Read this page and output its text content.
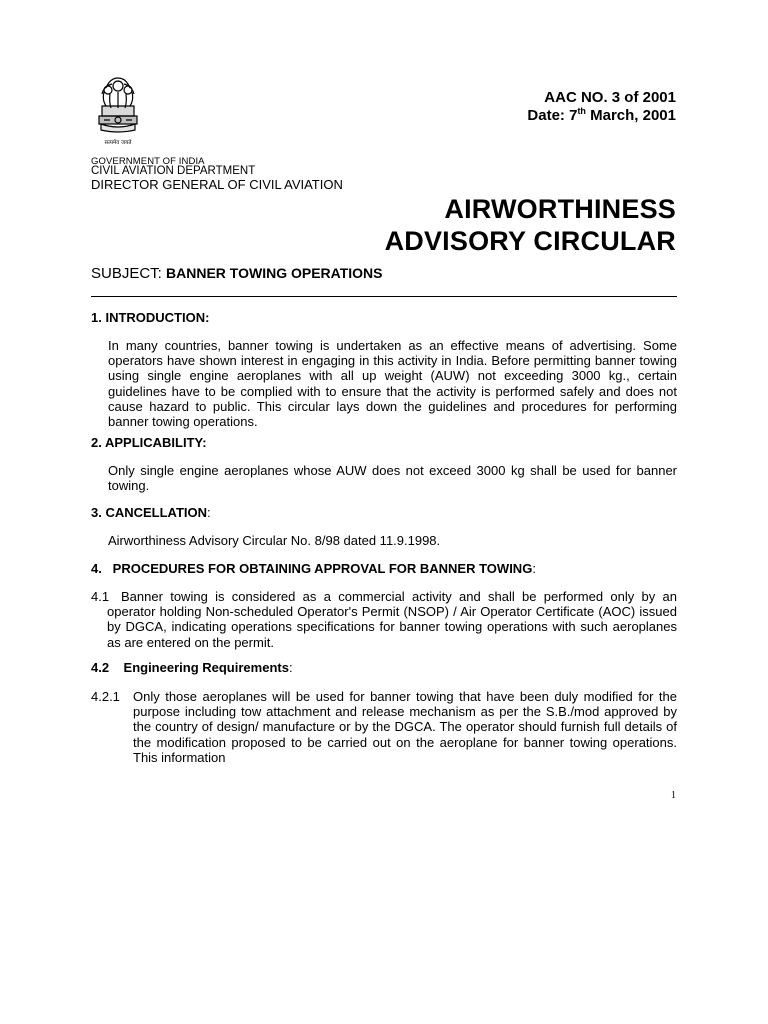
सत्यमेव जयते
AAC NO. 3 of 2001
Date: 7th March, 2001
GOVERNMENT OF INDIA
CIVIL AVIATION DEPARTMENT
DIRECTOR GENERAL OF CIVIL AVIATION
AIRWORTHINESS
ADVISORY CIRCULAR
SUBJECT: BANNER TOWING OPERATIONS
1. INTRODUCTION:
In many countries, banner towing is undertaken as an effective means of advertising. Some operators have shown interest in engaging in this activity in India. Before permitting banner towing using single engine aeroplanes with all up weight (AUW) not exceeding 3000 kg., certain guidelines have to be complied with to ensure that the activity is performed safely and does not cause hazard to public. This circular lays down the guidelines and procedures for performing banner towing operations.
2. APPLICABILITY:
Only single engine aeroplanes whose AUW does not exceed 3000 kg shall be used for banner towing.
3. CANCELLATION:
Airworthiness Advisory Circular No. 8/98 dated 11.9.1998.
4.   PROCEDURES FOR OBTAINING APPROVAL FOR BANNER TOWING:
4.1 Banner towing is considered as a commercial activity and shall be performed only by an operator holding Non-scheduled Operator's Permit (NSOP) / Air Operator Certificate (AOC) issued by DGCA, indicating operations specifications for banner towing operations with such aeroplanes as are entered on the permit.
4.2    Engineering Requirements:
4.2.1	Only those aeroplanes will be used for banner towing that have been duly modified for the purpose including tow attachment and release mechanism as per the S.B./mod approved by the country of design/ manufacture or by the DGCA. The operator should furnish full details of the modification proposed to be carried out on the aeroplane for banner towing operations. This information
1
